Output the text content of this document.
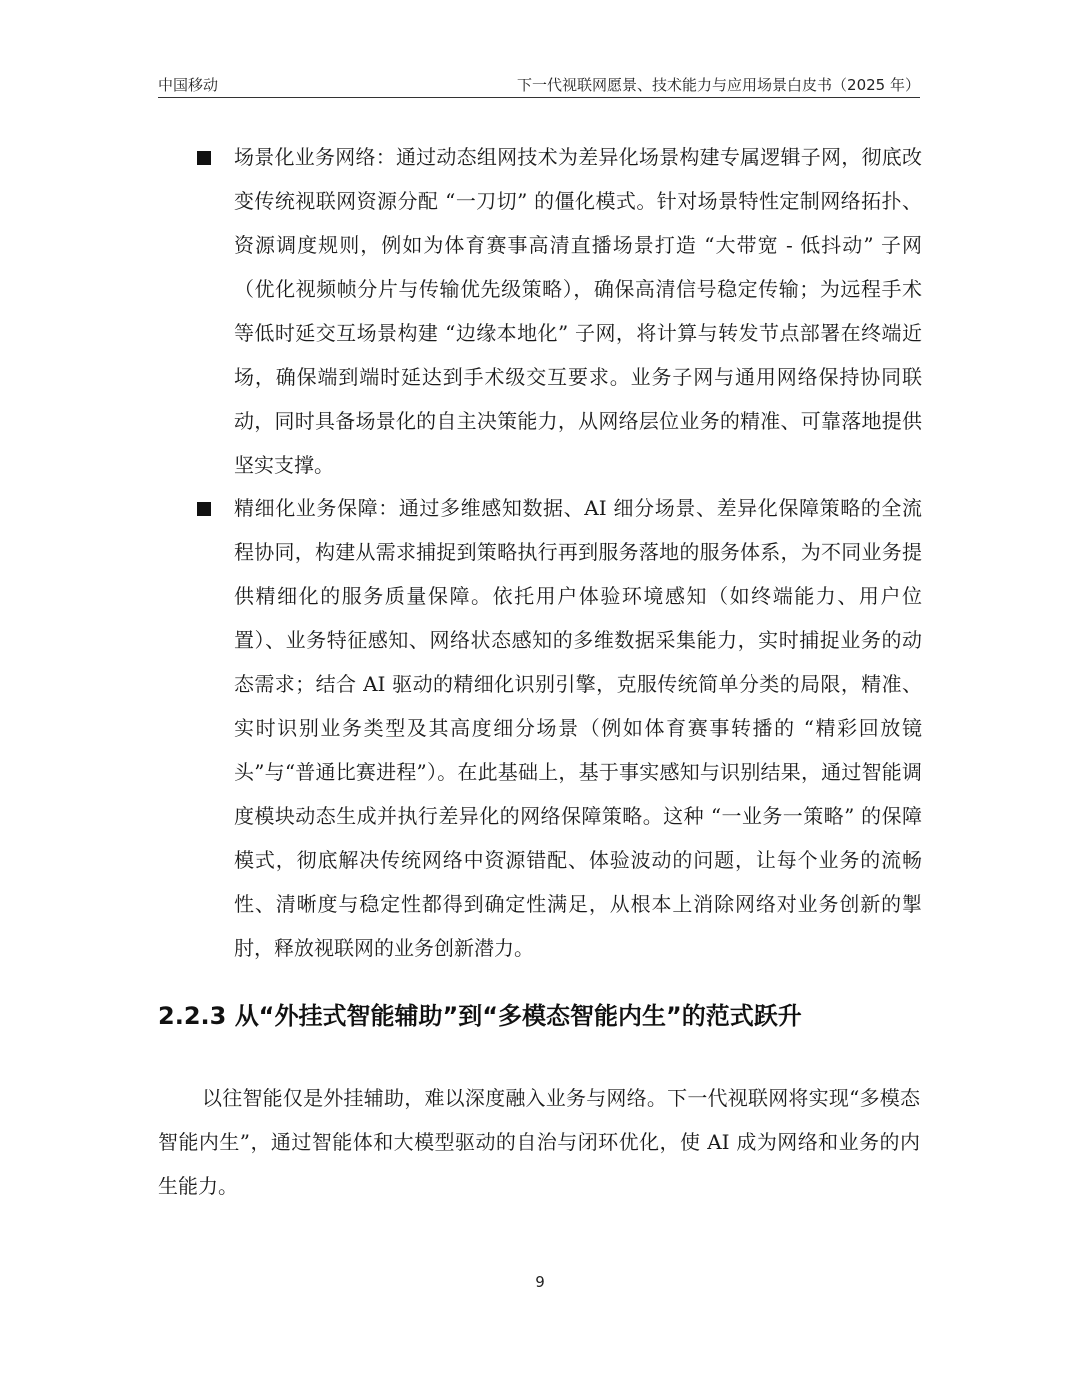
中国移动	下一代视联网愿景、技术能力与应用场景白皮书（2025 年）
场景化业务网络：通过动态组网技术为差异化场景构建专属逻辑子网，彻底改变传统视联网资源分配 “一刀切” 的僵化模式。针对场景特性定制网络拓扑、资源调度规则，例如为体育赛事高清直播场景打造 “大带宽 - 低抖动” 子网（优化视频帧分片与传输优先级策略），确保高清信号稳定传输；为远程手术等低时延交互场景构建 “边缘本地化” 子网，将计算与转发节点部署在终端近场，确保端到端时延达到手术级交互要求。业务子网与通用网络保持协同联动，同时具备场景化的自主决策能力，从网络层位业务的精准、可靠落地提供坚实支撑。
精细化业务保障：通过多维感知数据、AI 细分场景、差异化保障策略的全流程协同，构建从需求捕捉到策略执行再到服务落地的服务体系，为不同业务提供精细化的服务质量保障。依托用户体验环境感知（如终端能力、用户位置）、业务特征感知、网络状态感知的多维数据采集能力，实时捕捉业务的动态需求；结合 AI 驱动的精细化识别引擎，克服传统简单分类的局限，精准、实时识别业务类型及其高度细分场景（例如体育赛事转播的 “精彩回放镜头”与“普通比赛进程”）。在此基础上，基于事实感知与识别结果，通过智能调度模块动态生成并执行差异化的网络保障策略。这种 “一业务一策略” 的保障模式，彻底解决传统网络中资源错配、体验波动的问题，让每个业务的流畅性、清晰度与稳定性都得到确定性满足，从根本上消除网络对业务创新的掣肘，释放视联网的业务创新潜力。
2.2.3 从“外挂式智能辅助”到“多模态智能内生”的范式跃升
以往智能仅是外挂辅助，难以深度融入业务与网络。下一代视联网将实现“多模态智能内生”，通过智能体和大模型驱动的自治与闭环优化，使 AI 成为网络和业务的内生能力。
9
